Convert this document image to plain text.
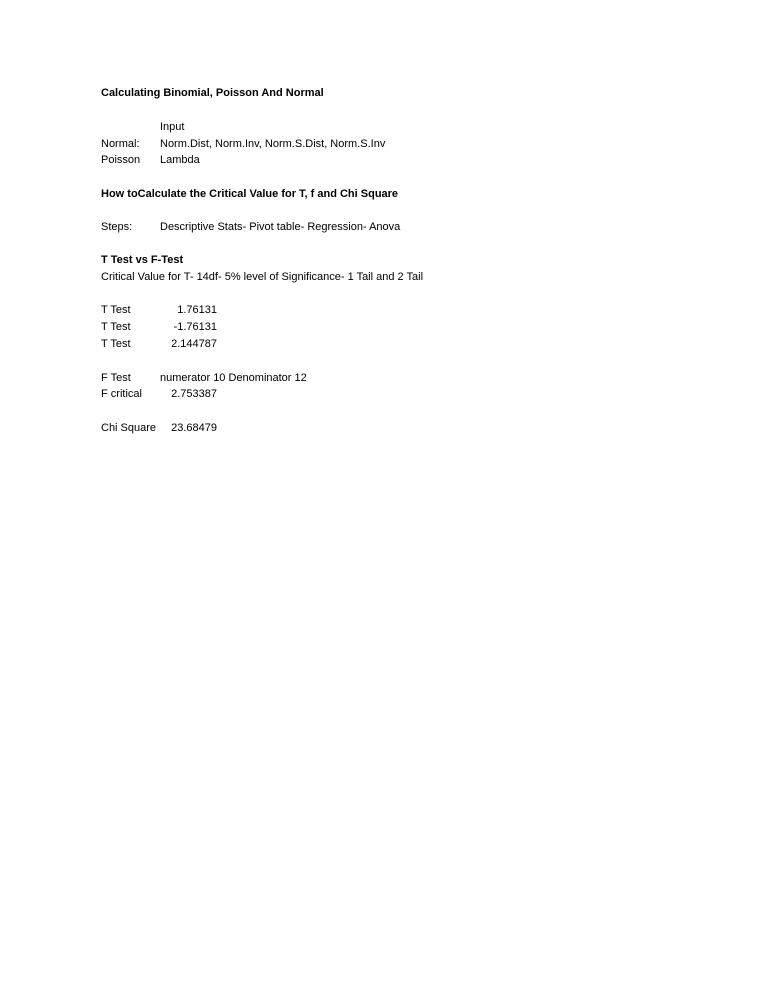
Calculating Binomial, Poisson And Normal
Input
Normal: Norm.Dist, Norm.Inv, Norm.S.Dist, Norm.S.Inv
Poisson Lambda
How toCalculate the Critical Value for T, f and Chi Square
Steps:	Descriptive Stats- Pivot table- Regression- Anova
T Test vs F-Test
Critical Value for T- 14df- 5% level of Significance- 1 Tail and 2 Tail
T Test	1.76131
T Test	-1.76131
T Test	2.144787
F Test	numerator 10 Denominator 12
F critical	2.753387
Chi Square	23.68479
